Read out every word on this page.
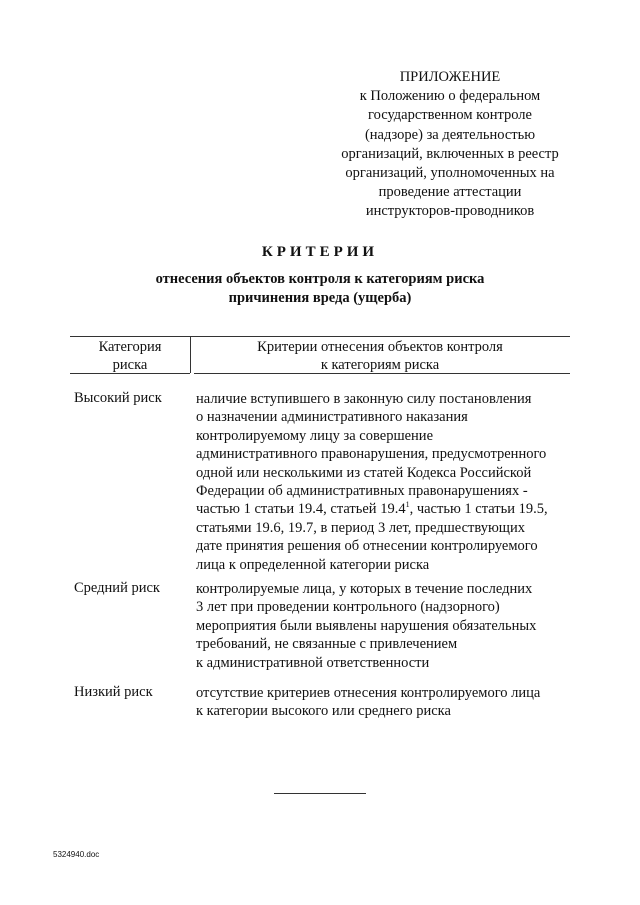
ПРИЛОЖЕНИЕ
к Положению о федеральном
государственном контроле
(надзоре) за деятельностью
организаций, включенных в реестр
организаций, уполномоченных на
проведение аттестации
инструкторов-проводников
КРИТЕРИИ
отнесения объектов контроля к категориям риска
причинения вреда (ущерба)
Категория
риска
Критерии отнесения объектов контроля
к категориям риска
Высокий риск наличие вступившего в законную силу постановления
о назначении административного наказания
контролируемому лицу за совершение
административного правонарушения, предусмотренного
одной или несколькими из статей Кодекса Российской
Федерации об административных правонарушениях -
частью 1 статьи 19.4, статьей 19.4$^1$, частью 1 статьи 19.5,
статьями 19.6, 19.7, в период 3 лет, предшествующих
дате принятия решения об отнесении контролируемого
лица к определенной категории риска
Средний риск контролируемые лица, у которых в течение последних
3 лет при проведении контрольного (надзорного)
мероприятия были выявлены нарушения обязательных
требований, не связанные с привлечением
к административной ответственности
Низкий риск	отсутствие критериев отнесения контролируемого лица
к категории высокого или среднего риска
5324940.doc
